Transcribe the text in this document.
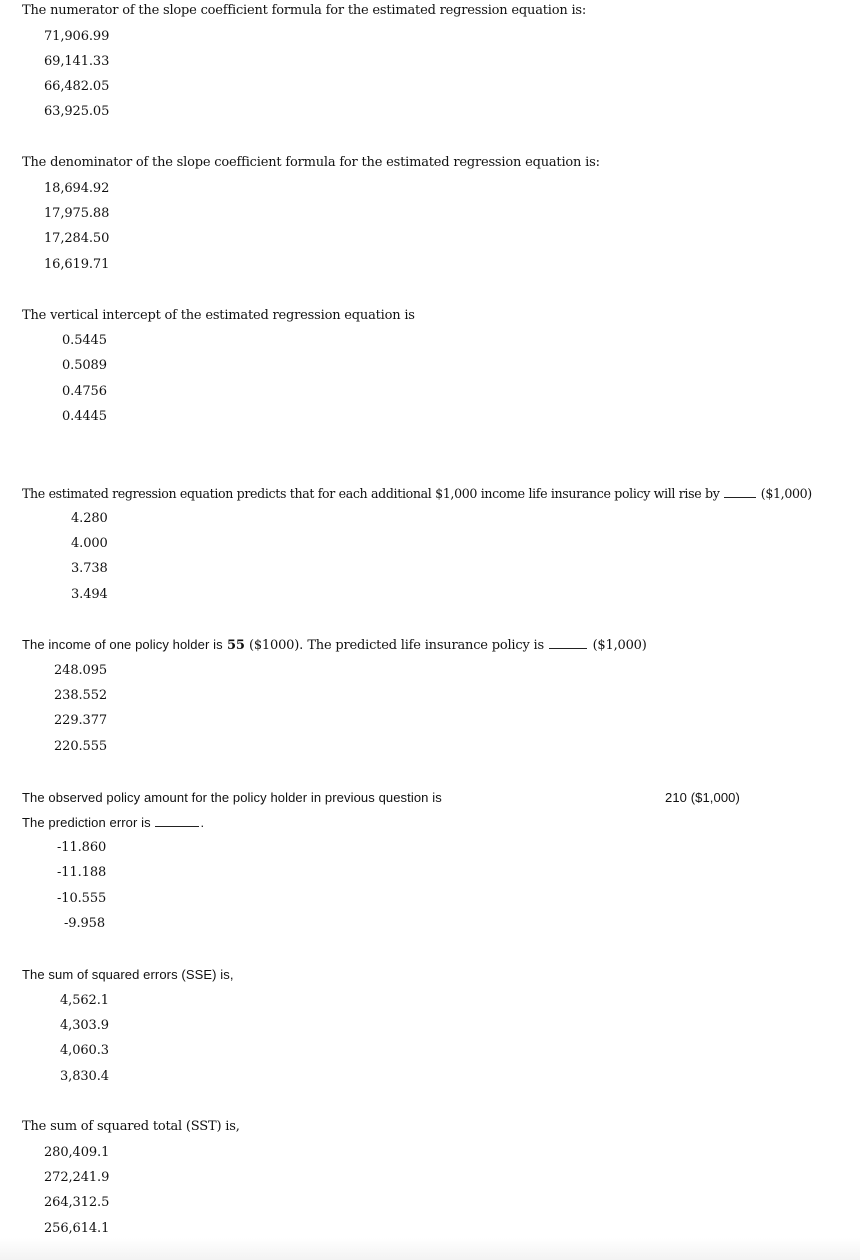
The numerator of the slope coefficient formula for the estimated regression equation is:
71,906.99
69,141.33
66,482.05
63,925.05
The denominator of the slope coefficient formula for the estimated regression equation is:
18,694.92
17,975.88
17,284.50
16,619.71
The vertical intercept of the estimated regression equation is
0.5445
0.5089
0.4756
0.4445
The estimated regression equation predicts that for each additional $1,000 income life insurance policy will rise by	($1,000)
4.280
4.000
3.738
3.494
The income of one policy holder is 55 ($1000). The predicted life insurance policy is	($1,000)
248.095
238.552
229.377
220.555
The observed policy amount for the policy holder in previous question is	210 ($1,000)
The prediction error is	.
-11.860
-11.188
-10.555
-9.958
The sum of squared errors (SSE) is,
4,562.1
4,303.9
4,060.3
3,830.4
The sum of squared total (SST) is,
280,409.1
272,241.9
264,312.5
256,614.1
